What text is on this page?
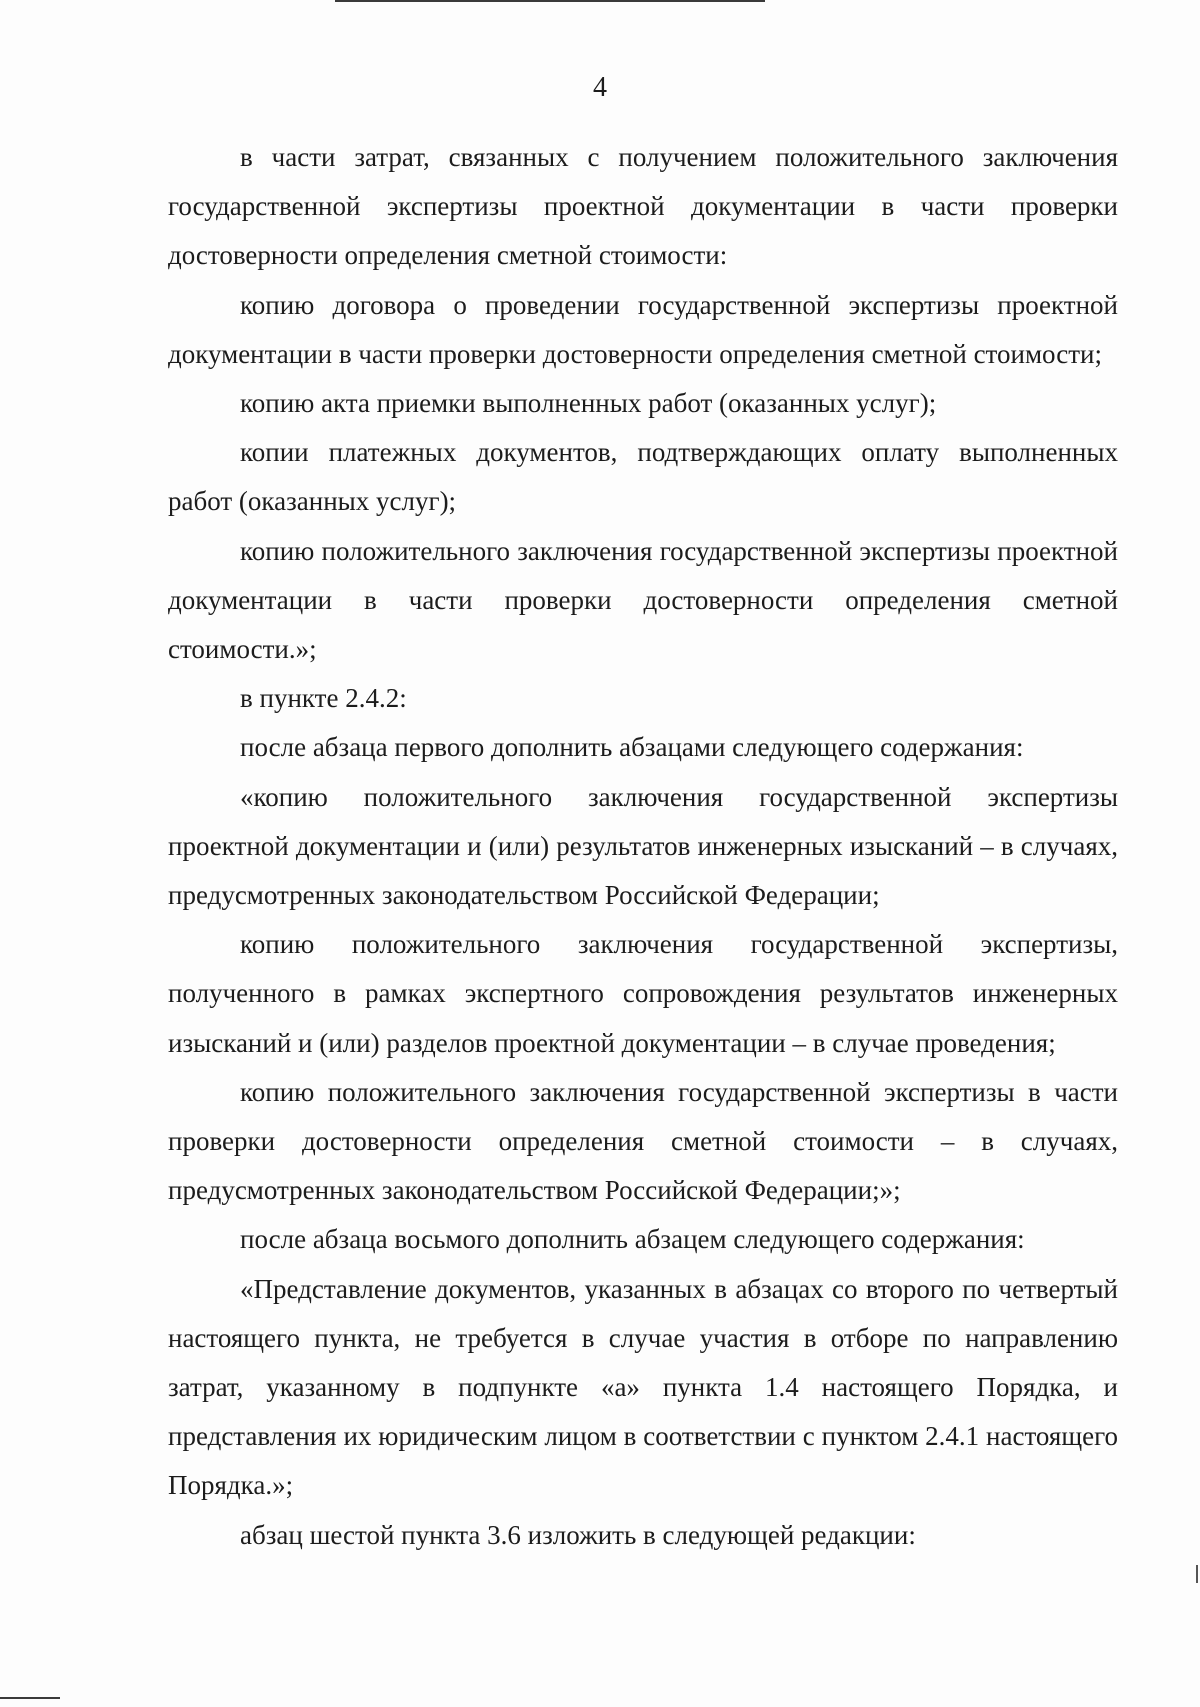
4

в части затрат, связанных с получением положительного заключения государственной экспертизы проектной документации в части проверки достоверности определения сметной стоимости:

копию договора о проведении государственной экспертизы проектной документации в части проверки достоверности определения сметной стоимости;

копию акта приемки выполненных работ (оказанных услуг);

копии платежных документов, подтверждающих оплату выполненных работ (оказанных услуг);

копию положительного заключения государственной экспертизы проектной документации в части проверки достоверности определения сметной стоимости.»;

в пункте 2.4.2:

после абзаца первого дополнить абзацами следующего содержания:

«копию положительного заключения государственной экспертизы проектной документации и (или) результатов инженерных изысканий – в случаях, предусмотренных законодательством Российской Федерации;

копию положительного заключения государственной экспертизы, полученного в рамках экспертного сопровождения результатов инженерных изысканий и (или) разделов проектной документации – в случае проведения;

копию положительного заключения государственной экспертизы в части проверки достоверности определения сметной стоимости – в случаях, предусмотренных законодательством Российской Федерации;»;

после абзаца восьмого дополнить абзацем следующего содержания:

«Представление документов, указанных в абзацах со второго по четвертый настоящего пункта, не требуется в случае участия в отборе по направлению затрат, указанному в подпункте «а» пункта 1.4 настоящего Порядка, и представления их юридическим лицом в соответствии с пунктом 2.4.1 настоящего Порядка.»;

абзац шестой пункта 3.6 изложить в следующей редакции:
